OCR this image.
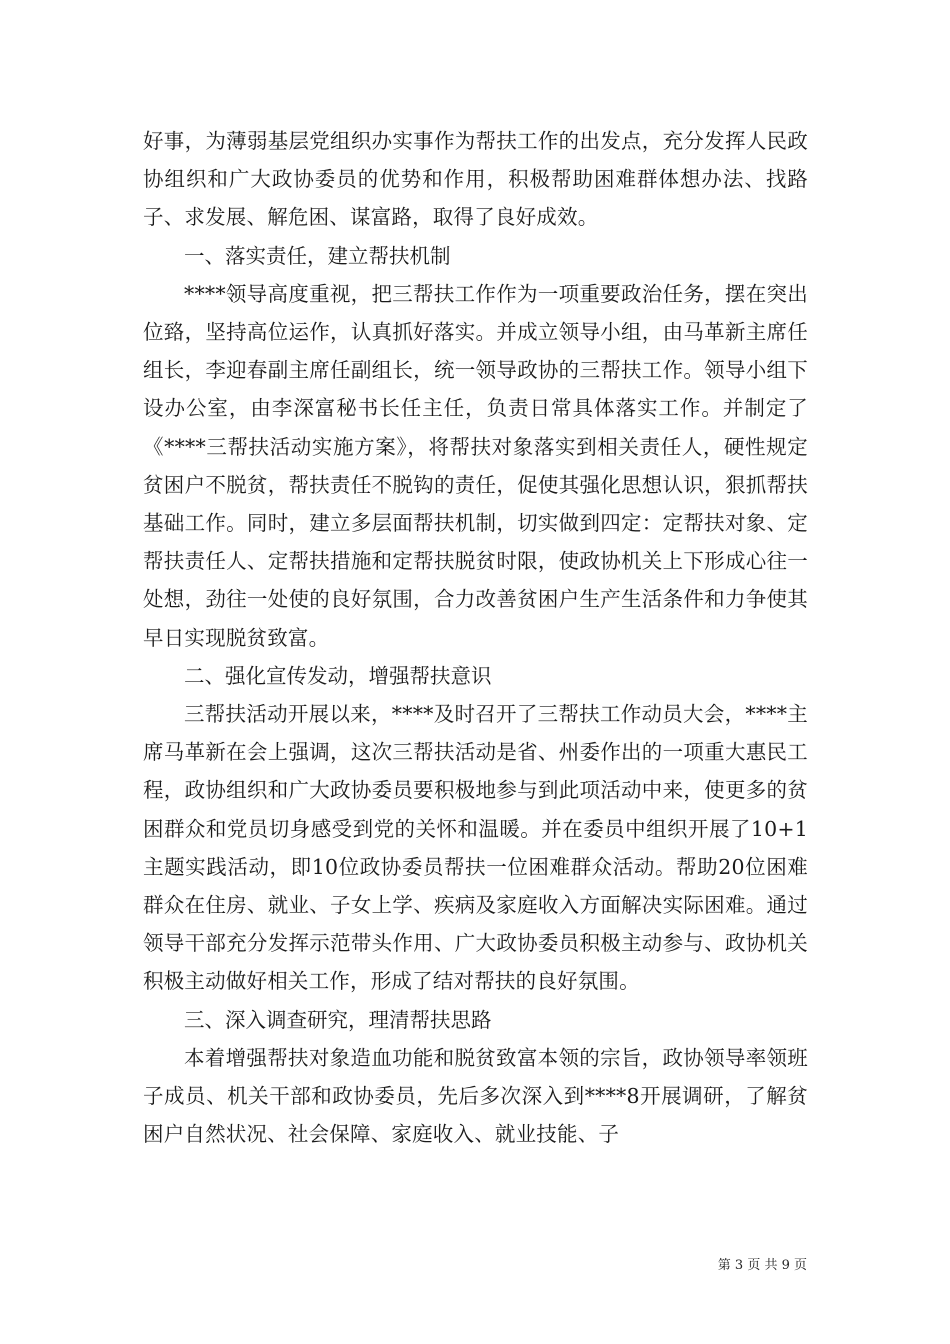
好事，为薄弱基层党组织办实事作为帮扶工作的出发点，充分发挥人民政协组织和广大政协委员的优势和作用，积极帮助困难群体想办法、找路子、求发展、解危困、谋富路，取得了良好成效。

一、落实责任，建立帮扶机制

****领导高度重视，把三帮扶工作作为一项重要政治任务，摆在突出位臵，坚持高位运作，认真抓好落实。并成立领导小组，由马革新主席任组长，李迎春副主席任副组长，统一领导政协的三帮扶工作。领导小组下设办公室，由李深富秘书长任主任，负责日常具体落实工作。并制定了《****三帮扶活动实施方案》，将帮扶对象落实到相关责任人，硬性规定贫困户不脱贫，帮扶责任不脱钩的责任，促使其强化思想认识，狠抓帮扶基础工作。同时，建立多层面帮扶机制，切实做到四定：定帮扶对象、定帮扶责任人、定帮扶措施和定帮扶脱贫时限，使政协机关上下形成心往一处想，劲往一处使的良好氛围，合力改善贫困户生产生活条件和力争使其早日实现脱贫致富。

二、强化宣传发动，增强帮扶意识

三帮扶活动开展以来，****及时召开了三帮扶工作动员大会，****主席马革新在会上强调，这次三帮扶活动是省、州委作出的一项重大惠民工程，政协组织和广大政协委员要积极地参与到此项活动中来，使更多的贫困群众和党员切身感受到党的关怀和温暖。并在委员中组织开展了10+1主题实践活动，即10位政协委员帮扶一位困难群众活动。帮助20位困难群众在住房、就业、子女上学、疾病及家庭收入方面解决实际困难。通过领导干部充分发挥示范带头作用、广大政协委员积极主动参与、政协机关积极主动做好相关工作，形成了结对帮扶的良好氛围。

三、深入调查研究，理清帮扶思路

本着增强帮扶对象造血功能和脱贫致富本领的宗旨，政协领导率领班子成员、机关干部和政协委员，先后多次深入到****8开展调研，了解贫困户自然状况、社会保障、家庭收入、就业技能、子

第 3 页 共 9 页
